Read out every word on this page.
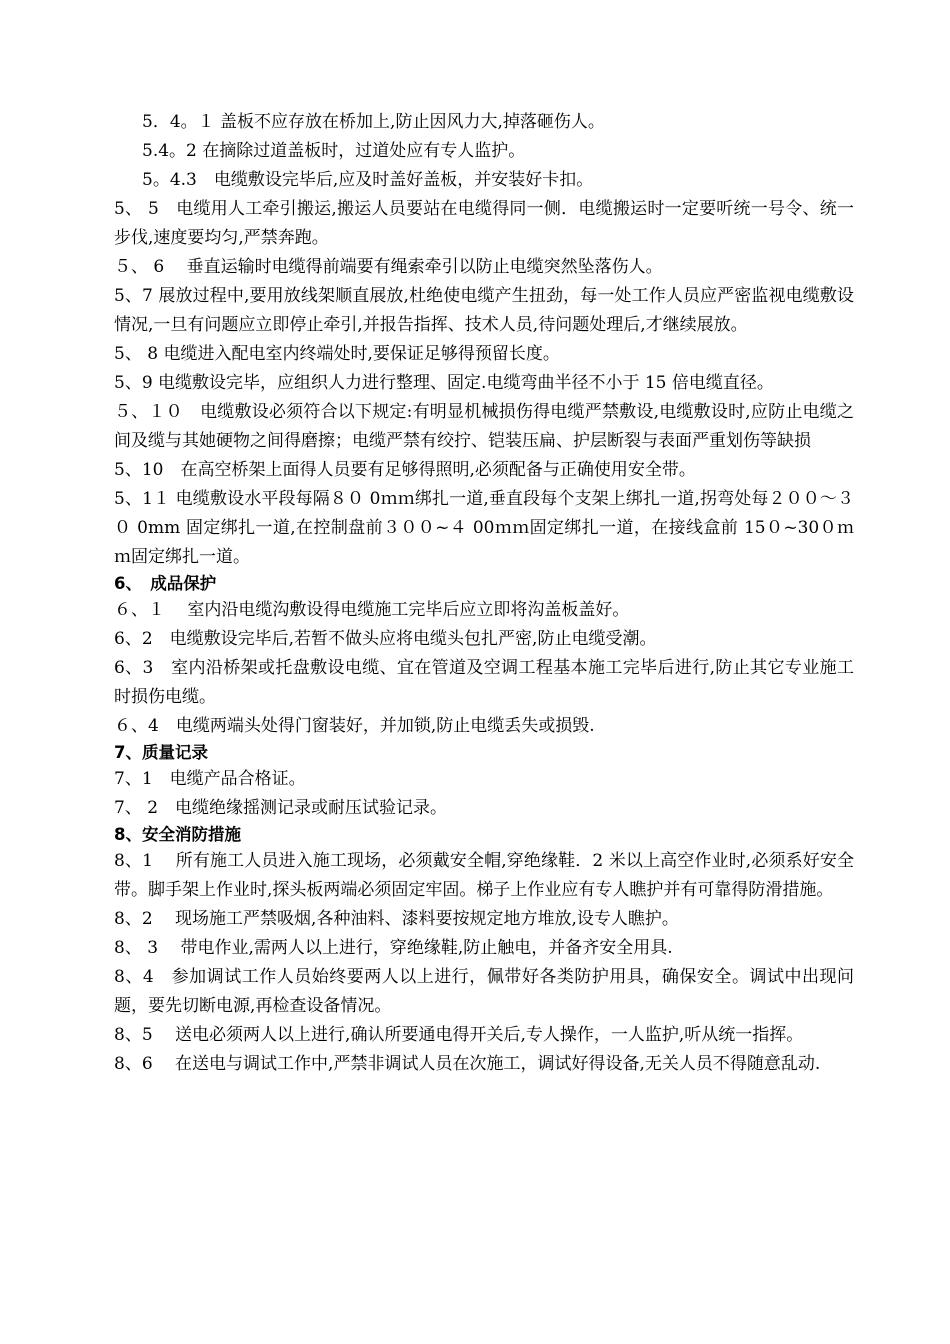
5．4。１ 盖板不应存放在桥加上,防止因风力大,掉落砸伤人。

5.4。2 在摘除过道盖板时，过道处应有专人监护。

5。4.3　电缆敷设完毕后,应及时盖好盖板，并安装好卡扣。

5、 5　电缆用人工牵引搬运,搬运人员要站在电缆得同一侧．电缆搬运时一定要听统一号令、统一步伐,速度要均匀,严禁奔跑。

５、 6　 垂直运输时电缆得前端要有绳索牵引以防止电缆突然坠落伤人。

5、7 展放过程中,要用放线架顺直展放,杜绝使电缆产生扭劲，每一处工作人员应严密监视电缆敷设情况,一旦有问题应立即停止牵引,并报告指挥、技术人员,待问题处理后,才继续展放。

5、 8 电缆进入配电室内终端处时,要保证足够得预留长度。

5、9 电缆敷设完毕，应组织人力进行整理、固定.电缆弯曲半径不小于 15 倍电缆直径。

５、１０　电缆敷设必须符合以下规定:有明显机械损伤得电缆严禁敷设,电缆敷设时,应防止电缆之间及缆与其她硬物之间得磨擦；电缆严禁有绞拧、铠装压扁、护层断裂与表面严重划伤等缺损

5、10　在高空桥架上面得人员要有足够得照明,必须配备与正确使用安全带。

5、1１ 电缆敷设水平段每隔８０ 0ｍｍ绑扎一道,垂直段每个支架上绑扎一道,拐弯处每２００～３０ 0mm 固定绑扎一道,在控制盘前３００~４ 00ｍｍ固定绑扎一道，在接线盒前 15０~30０ｍｍ固定绑扎一道。

6、　成品保护

６、１　 室内沿电缆沟敷设得电缆施工完毕后应立即将沟盖板盖好。

6、2　电缆敷设完毕后,若暂不做头应将电缆头包扎严密,防止电缆受潮。

6、3　室内沿桥架或托盘敷设电缆、宜在管道及空调工程基本施工完毕后进行,防止其它专业施工时损伤电缆。

６、4　电缆两端头处得门窗装好，并加锁,防止电缆丢失或损毁.

7、质量记录

7、1　电缆产品合格证。

7、 2　电缆绝缘摇测记录或耐压试验记录。

8、安全消防措施

8、1　 所有施工人员进入施工现场，必须戴安全帽,穿绝缘鞋．2 米以上高空作业时,必须系好安全带。脚手架上作业时,探头板两端必须固定牢固。梯子上作业应有专人瞧护并有可靠得防滑措施。

8、2　 现场施工严禁吸烟,各种油料、漆料要按规定地方堆放,设专人瞧护。

8、 3　 带电作业,需两人以上进行，穿绝缘鞋,防止触电，并备齐安全用具.

8、4　参加调试工作人员始终要两人以上进行，佩带好各类防护用具，确保安全。调试中出现问题，要先切断电源,再检查设备情况。

8、5　 送电必须两人以上进行,确认所要通电得开关后,专人操作，一人监护,听从统一指挥。

8、6　 在送电与调试工作中,严禁非调试人员在次施工，调试好得设备,无关人员不得随意乱动.
